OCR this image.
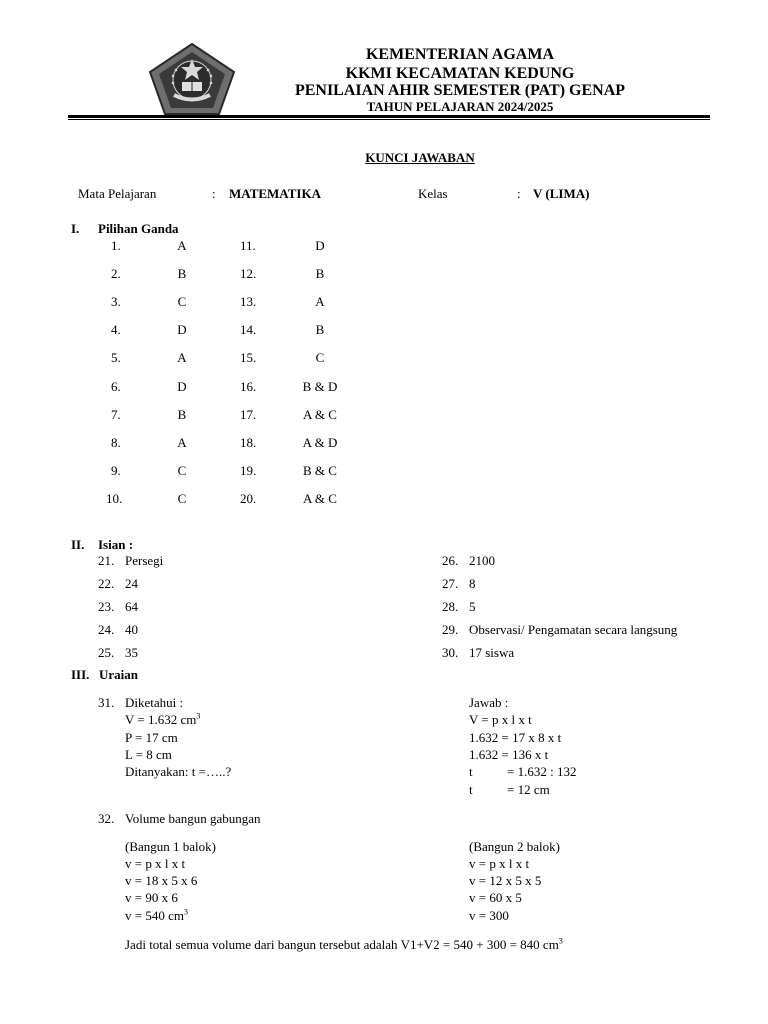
KEMENTERIAN AGAMA
KKMI KECAMATAN KEDUNG
PENILAIAN AHIR SEMESTER (PAT) GENAP
TAHUN PELAJARAN 2024/2025
KUNCI JAWABAN
Mata Pelajaran	: MATEMATIKA	Kelas	: V (LIMA)
I. Pilihan Ganda
1.	A
2.	B
3.	C
4.	D
5.	A
6.	D
7.	B
8.	A
9.	C
10.	C
11.	D
12.	B
13.	A
14.	B
15.	C
16.	B & D
17.	A & C
18.	A & D
19.	B & C
20.	A & C
II. Isian :
21. Persegi
22. 24
23. 64
24. 40
25. 35
26. 2100
27. 8
28. 5
29. Observasi/ Pengamatan secara langsung
30. 17 siswa
III. Uraian
31. Diketahui :
V = 1.632 $cm^3$
P = 17 cm
L = 8 cm
Ditanyakan: t =…..?
Jawab :
V = p x l x t
1.632 = 17 x 8 x t
1.632 = 136 x t
t	= 1.632 : 132
t	= 12 cm
32. Volume bangun gabungan
(Bangun 1 balok)
v = p x l x t
v = 18 x 5 x 6
v = 90 x 6
v = 540 $cm^3$
(Bangun 2 balok)
v = p x l x t
v = 12 x 5 x 5
v = 60 x 5
v = 300
Jadi total semua volume dari bangun tersebut adalah V1+V2 = 540 + 300 = 840 $cm^3$
